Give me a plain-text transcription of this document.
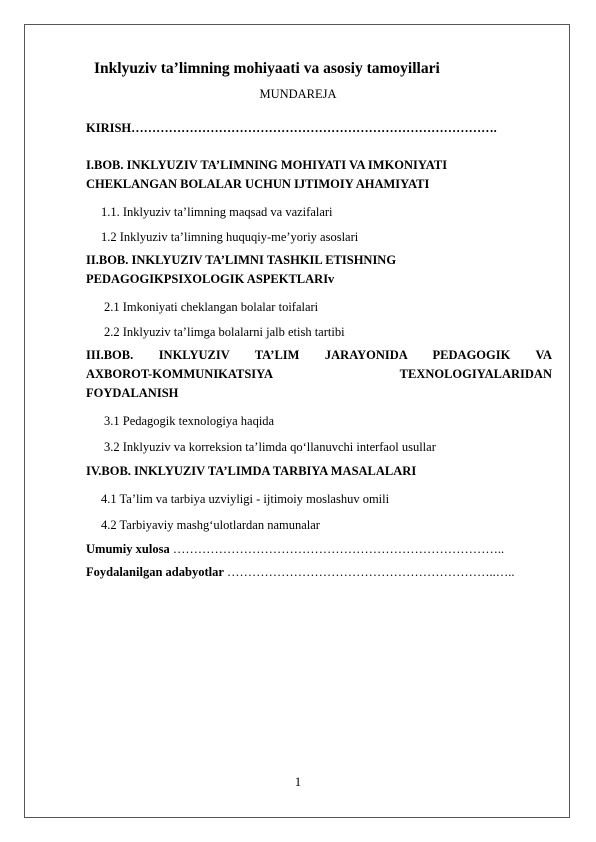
Inklyuziv ta’limning mohiyaati va asosiy tamoyillari
MUNDAREJA
KIRISH…………………………………………………………………………….
I.BOB. INKLYUZIV TA’LIMNING MOHIYATI VA IMKONIYATI
CHEKLANGAN BOLALAR UCHUN IJTIMOIY AHAMIYATI
1.1. Inklyuziv ta’limning maqsad va vazifalari
1.2 Inklyuziv ta’limning huquqiy-me’yoriy asoslari
II.BOB. INKLYUZIV TA’LIMNI TASHKIL ETISHNING
PEDAGOGIKPSIXOLOGIK ASPEKTLARIv
2.1 Imkoniyati cheklangan bolalar toifalari
2.2 Inklyuziv ta’limga bolalarni jalb etish tartibi
III.BOB. INKLYUZIV TA’LIM JARAYONIDA PEDAGOGIK VA
AXBOROT-KOMMUNIKATSIYA TEXNOLOGIYALARIDAN
FOYDALANISH
3.1 Pedagogik texnologiya haqida
3.2 Inklyuziv va korreksion ta’limda qo‘llanuvchi interfaol usullar
IV.BOB. INKLYUZIV TA’LIMDA TARBIYA MASALALARI
4.1 Ta’lim va tarbiya uzviyligi - ijtimoiy moslashuv omili
4.2 Tarbiyaviy mashg‘ulotlardan namunalar
Umumiy xulosa ……………………………………………………………………..
Foydalanilgan adabyotlar ………………………………………………………..…..
1
